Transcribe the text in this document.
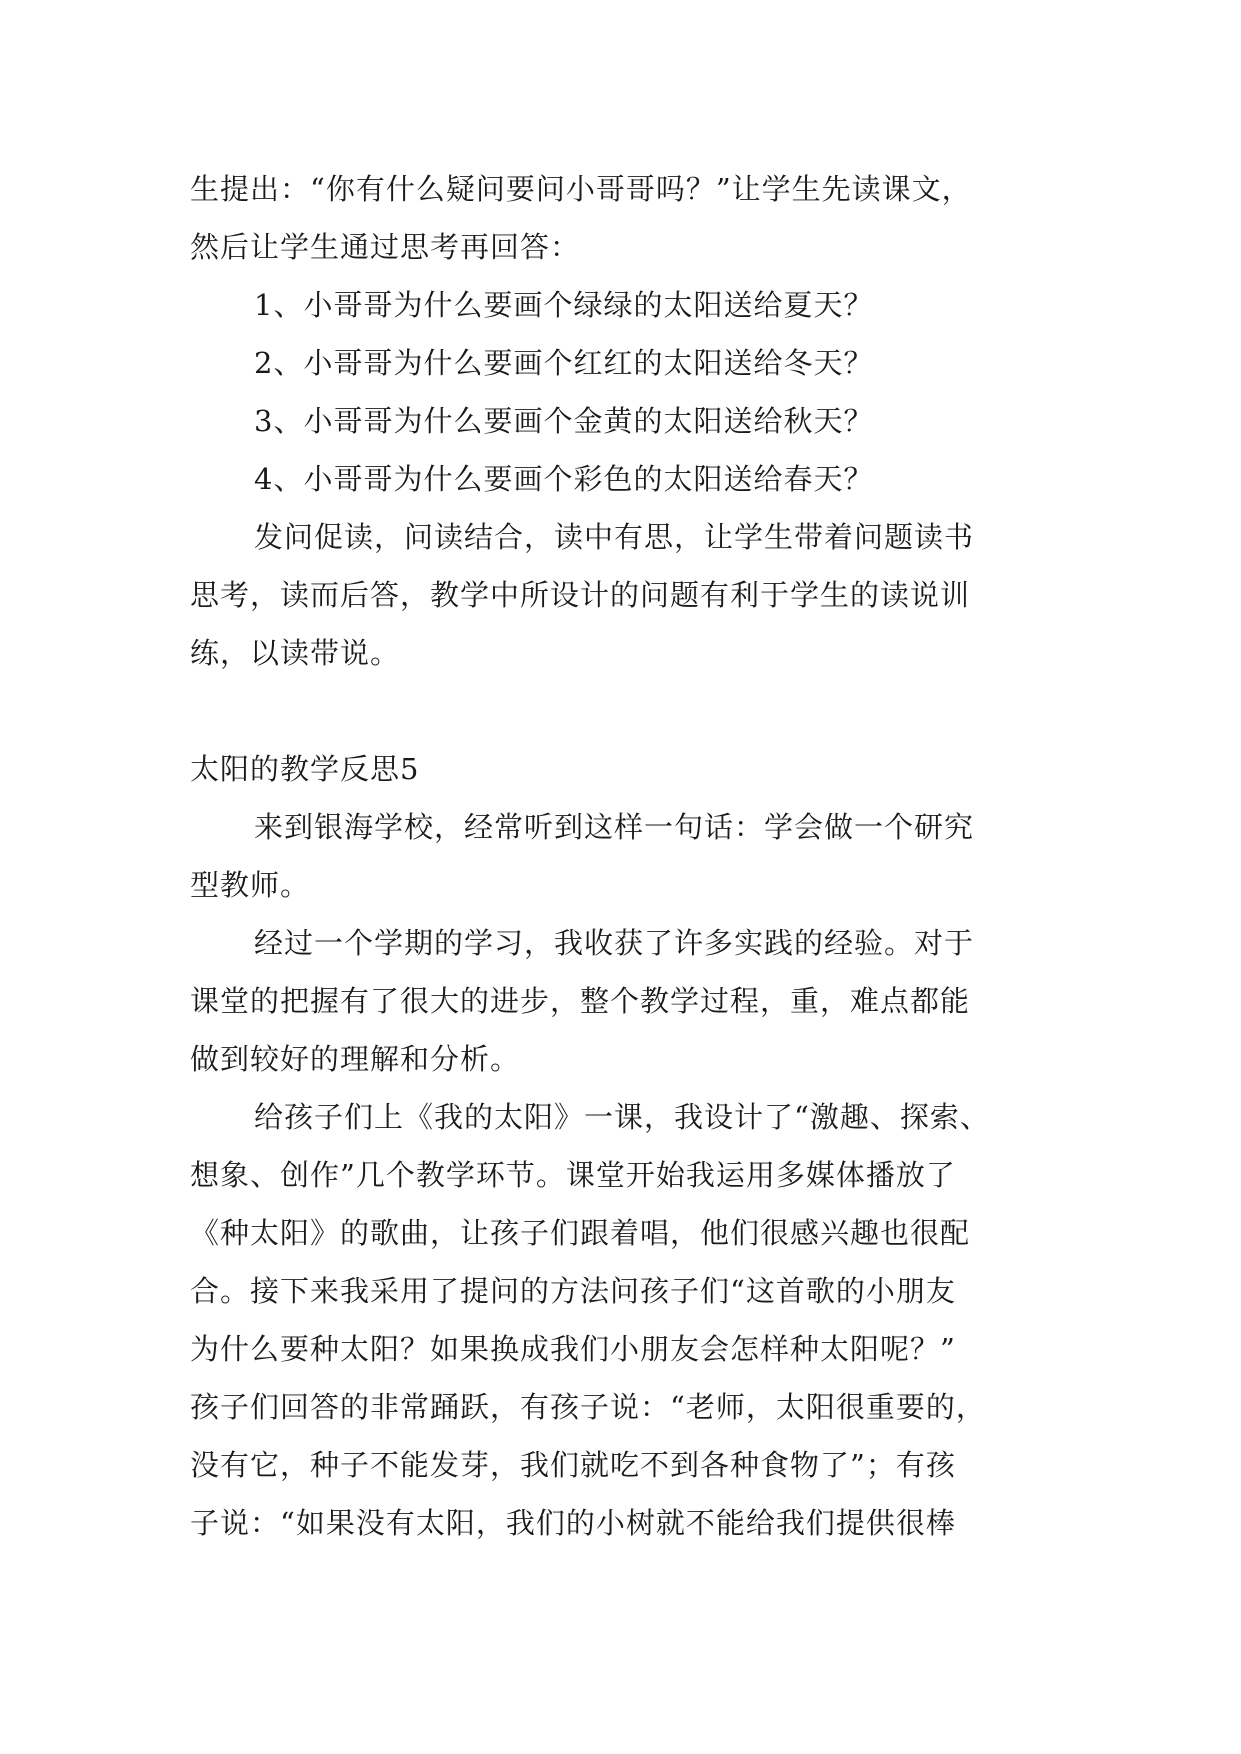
生提出：“你有什么疑问要问小哥哥吗？”让学生先读课文，
然后让学生通过思考再回答：
1、小哥哥为什么要画个绿绿的太阳送给夏天？
2、小哥哥为什么要画个红红的太阳送给冬天？
3、小哥哥为什么要画个金黄的太阳送给秋天？
4、小哥哥为什么要画个彩色的太阳送给春天？
发问促读，问读结合，读中有思，让学生带着问题读书
思考，读而后答，教学中所设计的问题有利于学生的读说训
练，以读带说。
太阳的教学反思5
来到银海学校，经常听到这样一句话：学会做一个研究
型教师。
经过一个学期的学习，我收获了许多实践的经验。对于
课堂的把握有了很大的进步，整个教学过程，重，难点都能
做到较好的理解和分析。
给孩子们上《我的太阳》一课，我设计了“激趣、探索、
想象、创作”几个教学环节。课堂开始我运用多媒体播放了
《种太阳》的歌曲，让孩子们跟着唱，他们很感兴趣也很配
合。接下来我采用了提问的方法问孩子们“这首歌的小朋友
为什么要种太阳？如果换成我们小朋友会怎样种太阳呢？”
孩子们回答的非常踊跃，有孩子说：“老师，太阳很重要的，
没有它，种子不能发芽，我们就吃不到各种食物了”；有孩
子说：“如果没有太阳，我们的小树就不能给我们提供很棒
